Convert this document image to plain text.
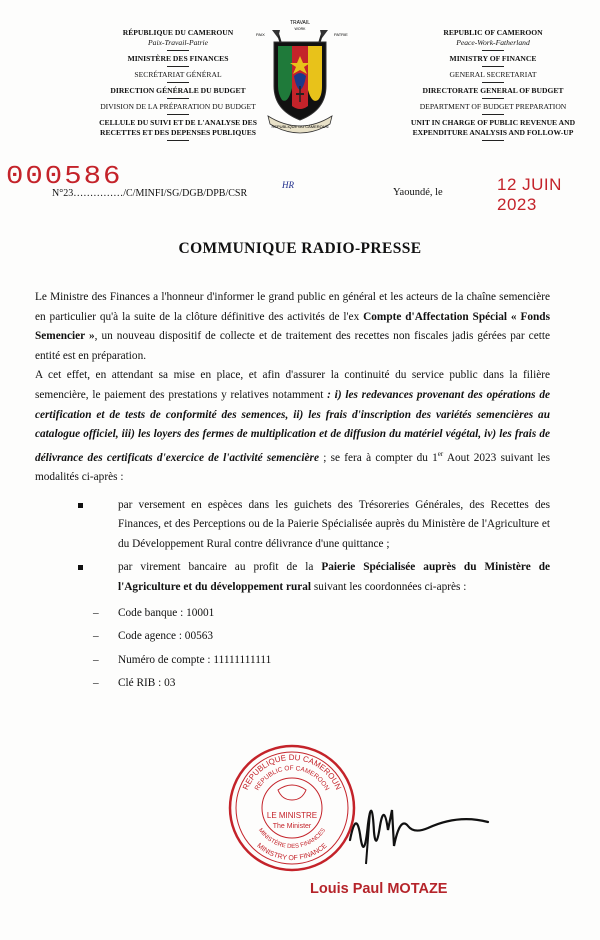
RÉPUBLIQUE DU CAMEROUN
Paix-Travail-Patrie
MINISTÈRE DES FINANCES
SECRÉTARIAT GÉNÉRAL
DIRECTION GÉNÉRALE DU BUDGET
DIVISION DE LA PRÉPARATION DU BUDGET
CELLULE DU SUIVI ET DE L'ANALYSE DES
RECETTES ET DES DEPENSES PUBLIQUES
TRAVAIL
WORK
PAIX	PATRIE
REPUBLIQUE DU CAMEROUN
REPUBLIC OF CAMEROON
Peace-Work-Fatherland
MINISTRY OF FINANCE
GENERAL SECRETARIAT
DIRECTORATE GENERAL OF BUDGET
DEPARTMENT OF BUDGET PREPARATION
UNIT IN CHARGE OF PUBLIC REVENUE AND
EXPENDITURE ANALYSIS AND FOLLOW-UP
000586
N°23……………/C/MINFI/SG/DGB/DPB/CSR
HR
Yaoundé, le	12 JUIN 2023
COMMUNIQUE RADIO-PRESSE

Le Ministre des Finances a l'honneur d'informer le grand public en général et les acteurs de la chaîne semencière en particulier qu'à la suite de la clôture définitive des activités de l'ex Compte d'Affectation Spécial « Fonds Semencier », un nouveau dispositif de collecte et de traitement des recettes non fiscales jadis gérées par cette entité est en préparation.

A cet effet, en attendant sa mise en place, et afin d'assurer la continuité du service public dans la filière semencière, le paiement des prestations y relatives notamment : i) les redevances provenant des opérations de certification et de tests de conformité des semences, ii) les frais d'inscription des variétés semencières au catalogue officiel, iii) les loyers des fermes de multiplication et de diffusion du matériel végétal, iv) les frais de délivrance des certificats d'exercice de l'activité semencière ; se fera à compter du 1er Aout 2023 suivant les modalités ci-après :

par versement en espèces dans les guichets des Trésoreries Générales, des Recettes des Finances, et des Perceptions ou de la Paierie Spécialisée auprès du Ministère de l'Agriculture et du Développement Rural contre délivrance d'une quittance ;
par virement bancaire au profit de la Paierie Spécialisée auprès du Ministère de l'Agriculture et du développement rural suivant les coordonnées ci-après :
– Code banque : 10001
– Code agence : 00563
– Numéro de compte : 11111111111
– Clé RIB : 03
REPUBLIQUE DU CAMEROUN
REPUBLIC OF CAMEROON
MINISTRY OF FINANCE
MINISTÈRE DES FINANCES
LE MINISTRE
The Minister
Louis Paul MOTAZE
